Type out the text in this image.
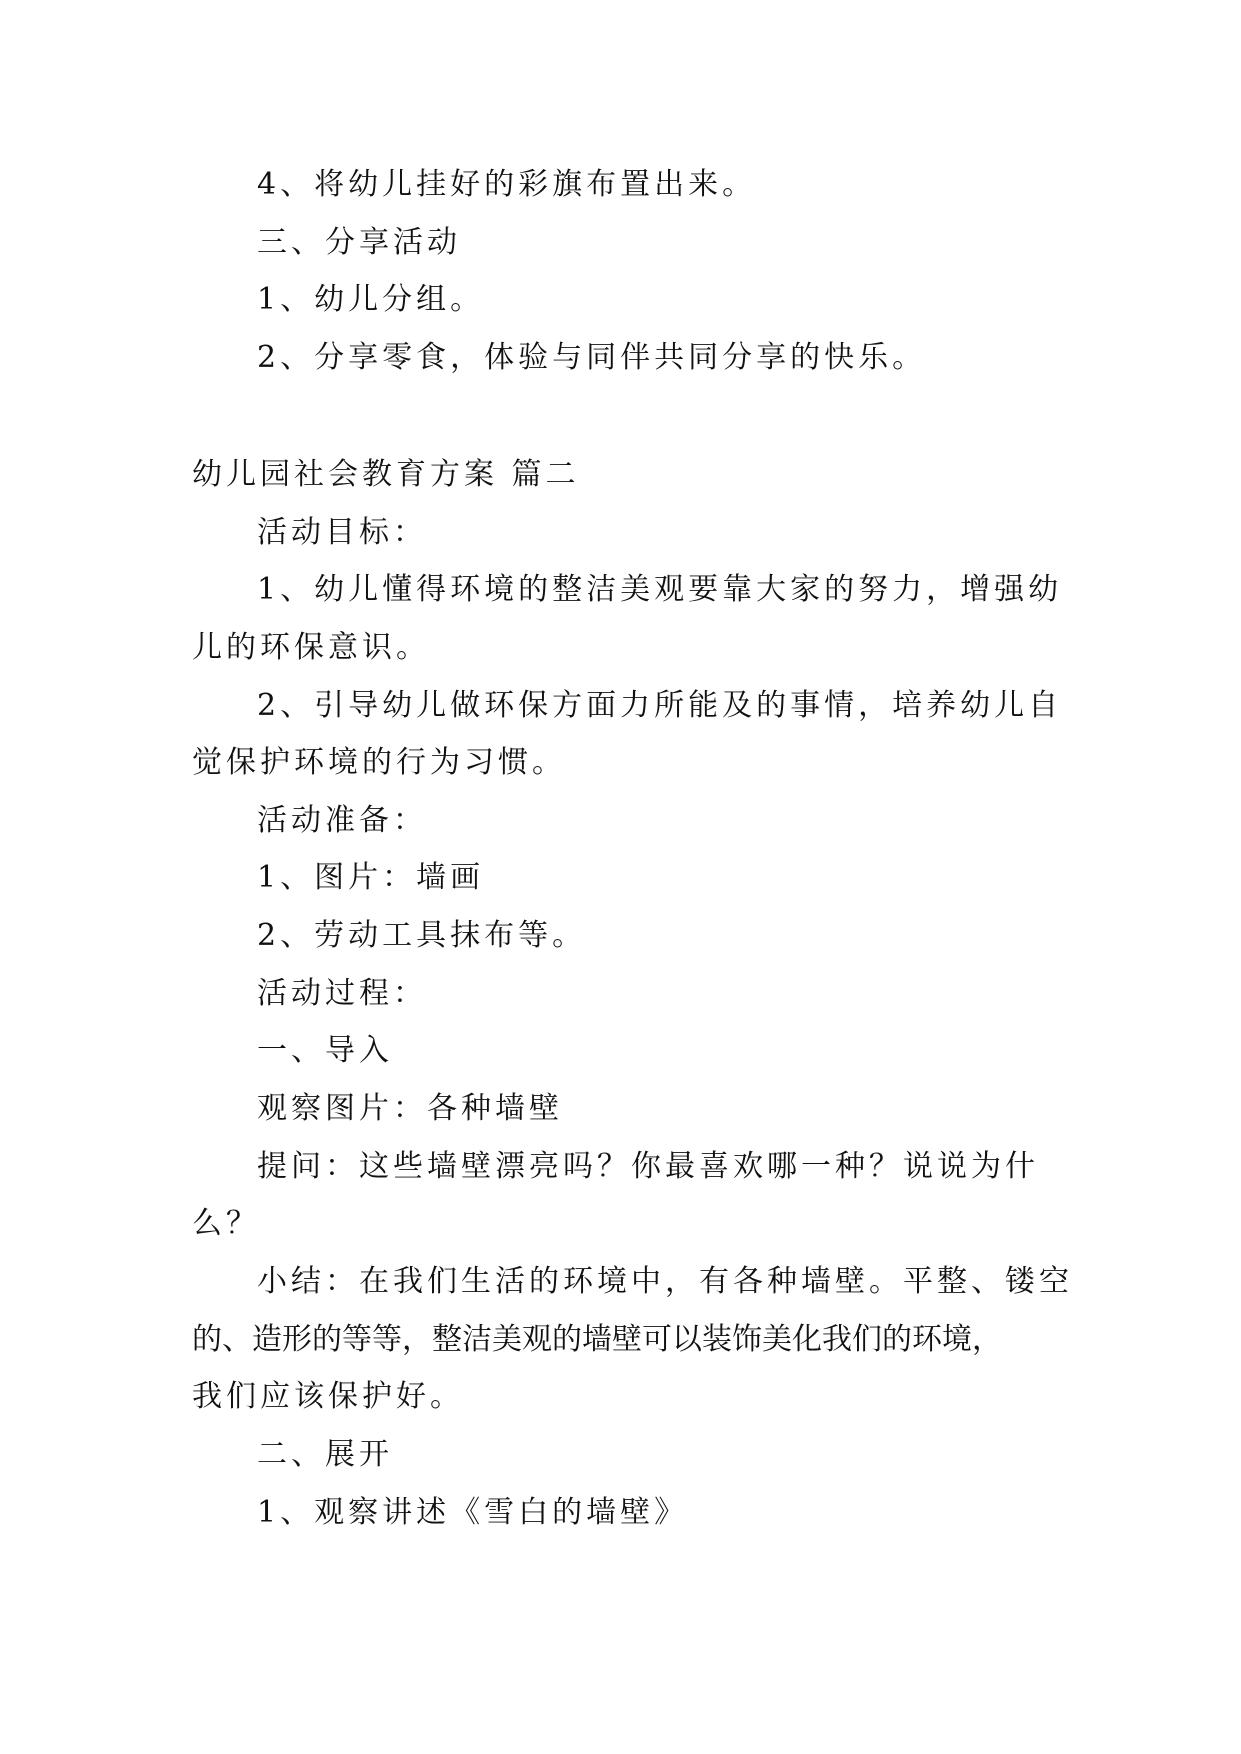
4、将幼儿挂好的彩旗布置出来。
三、分享活动
1、幼儿分组。
2、分享零食，体验与同伴共同分享的快乐。
幼儿园社会教育方案 篇二
活动目标：
1、幼儿懂得环境的整洁美观要靠大家的努力，增强幼
儿的环保意识。
2、引导幼儿做环保方面力所能及的事情，培养幼儿自
觉保护环境的行为习惯。
活动准备：
1、图片：墙画
2、劳动工具抹布等。
活动过程：
一、导入
观察图片：各种墙壁
提问：这些墙壁漂亮吗？你最喜欢哪一种？说说为什
么？
小结：在我们生活的环境中，有各种墙壁。平整、镂空
的、造形的等等，整洁美观的墙壁可以装饰美化我们的环境，
我们应该保护好。
二、展开
1、观察讲述《雪白的墙壁》
